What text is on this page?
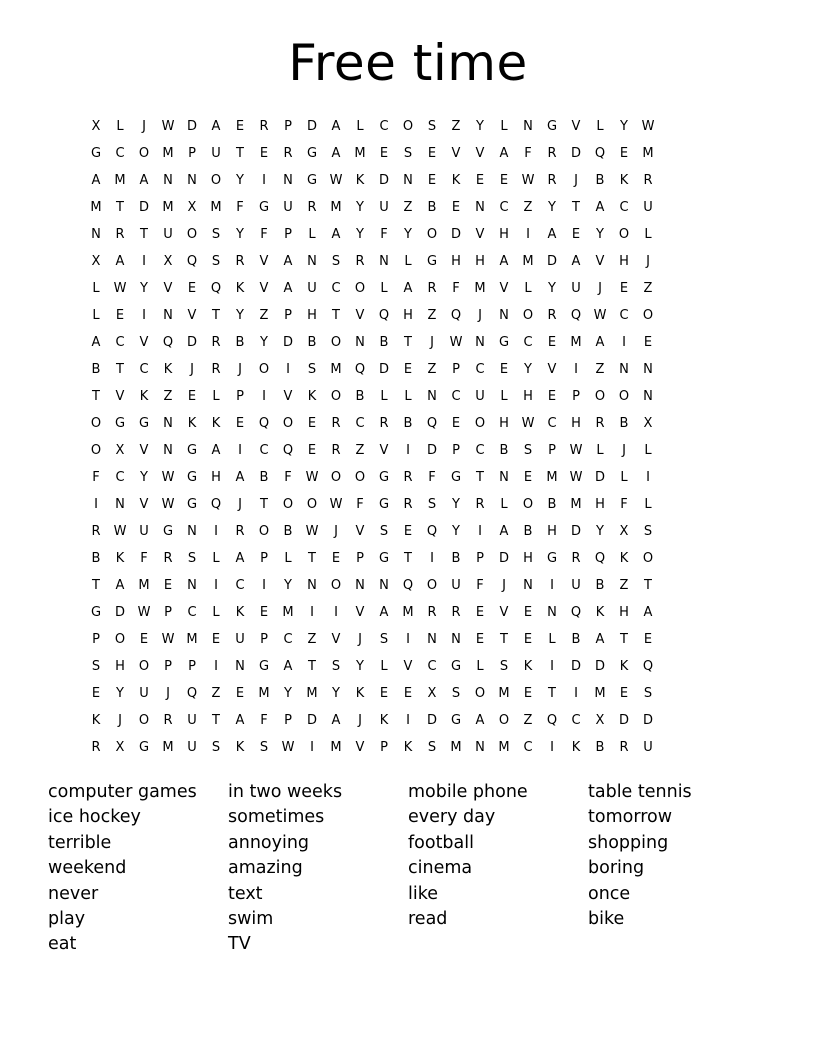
Free time
X	L	J	W D	A	E	R	P	D	A	L	C	O	S	Z	Y	L	N	G	V	L	Y	W
G	C	O	M	P	U	T	E	R	G	A	M	E	S	E	V	V	A	F	R	D	Q	E	M
A	M	A	N	N	O	Y	I	N	G W	K	D	N	E	K	E	E	W	R	J	B	K	R
M	T	D	M	X	M	F	G	U	R	M	Y	U	Z	B	E	N	C	Z	Y	T	A	C	U
N	R	T	U	O	S	Y	F	P	L	A	Y	F	Y	O	D	V	H	I	A	E	Y	O	L
X	A	I	X	Q	S	R	V	A	N	S	R	N	L	G	H	H	A	M	D	A	V	H	J
L	W	Y	V	E	Q	K	V	A	U	C	O	L	A	R	F	M	V	L	Y	U	J	E	Z
L	E	I	N	V	T	Y	Z	P	H	T	V	Q	H	Z	Q	J	N	O	R	Q W	C	O
A	C	V	Q	D	R	B	Y	D	B	O	N	B	T	J	W N	G	C	E	M	A	I	E
B	T	C	K	J	R	J	O	I	S	M	Q	D	E	Z	P	C	E	Y	V	I	Z	N	N
T	V	K	Z	E	L	P	I	V	K	O	B	L	L	N	C	U	L	H	E	P	O	O	N
O	G	G	N	K	K	E	Q	O	E	R	C	R	B	Q	E	O	H W	C	H	R	B	X
O	X	V	N	G	A	I	C	Q	E	R	Z	V	I	D	P	C	B	S	P	W	L	J	L
F	C	Y	W G	H	A	B	F	W O	O	G	R	F	G	T	N	E	M W D	L	I
I	N	V	W G	Q	J	T	O	O W	F	G	R	S	Y	R	L	O	B	M	H	F	L
R	W U	G	N	I	R	O	B	W	J	V	S	E	Q	Y	I	A	B	H	D	Y	X	S
B	K	F	R	S	L	A	P	L	T	E	P	G	T	I	B	P	D	H	G	R	Q	K	O
T	A	M	E	N	I	C	I	Y	N	O	N	N	Q	O	U	F	J	N	I	U	B	Z	T
G	D W	P	C	L	K	E	M	I	I	V	A	M	R	R	E	V	E	N	Q	K	H	A
P	O	E	W M	E	U	P	C	Z	V	J	S	I	N	N	E	T	E	L	B	A	T	E
S	H	O	P	P	I	N	G	A	T	S	Y	L	V	C	G	L	S	K	I	D	D	K	Q
E	Y	U	J	Q	Z	E	M	Y	M	Y	K	E	E	X	S	O	M	E	T	I	M	E	S
K	J	O	R	U	T	A	F	P	D	A	J	K	I	D	G	A	O	Z	Q	C	X	D	D
R	X	G	M	U	S	K	S	W	I	M	V	P	K	S	M	N	M	C	I	K	B	R	U
computer games
ice hockey
terrible
weekend
never
play
eat
in two weeks
sometimes
annoying
amazing
text
swim
TV
mobile phone
every day
football
cinema
like
read
table tennis
tomorrow
shopping
boring
once
bike
